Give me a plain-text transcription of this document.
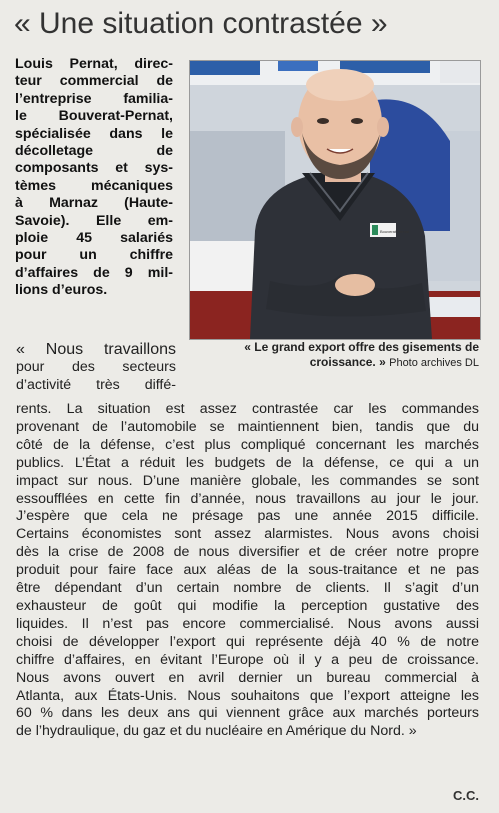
« Une situation contrastée »
Louis Pernat, direc-
teur commercial de
l’entreprise familia-
le Bouverat-Pernat,
spécialisée dans le
décolletage de
composants et sys-
tèmes mécaniques
à Marnaz (Haute-
Savoie). Elle em-
ploie 45 salariés
pour un chiffre
d’affaires de 9 mil-
lions d’euros.
Bouverat-Pernat
« Le grand export offre des gisements de croissance. » Photo archives DL
« Nous travaillons
pour des secteurs
d’activité très diffé-
rents. La situation est assez contrastée car les commandes
provenant de l’automobile se maintiennent bien, tandis que du
côté de la défense, c’est plus compliqué concernant les marchés
publics. L’État a réduit les budgets de la défense, ce qui a un
impact sur nous. D’une manière globale, les commandes se sont
essoufflées en cette fin d’année, nous travaillons au jour le jour.
J’espère que cela ne présage pas une année 2015 difficile.
Certains économistes sont assez alarmistes. Nous avons choisi
dès la crise de 2008 de nous diversifier et de créer notre propre
produit pour faire face aux aléas de la sous-traitance et ne pas
être dépendant d’un certain nombre de clients. Il s’agit d’un
exhausteur de goût qui modifie la perception gustative des
liquides. Il n’est pas encore commercialisé. Nous avons aussi
choisi de développer l’export qui représente déjà 40 % de notre
chiffre d’affaires, en évitant l’Europe où il y a peu de croissance.
Nous avons ouvert en avril dernier un bureau commercial à
Atlanta, aux États-Unis. Nous souhaitons que l’export atteigne les
60 % dans les deux ans qui viennent grâce aux marchés porteurs
de l’hydraulique, du gaz et du nucléaire en Amérique du Nord. »
C.C.
